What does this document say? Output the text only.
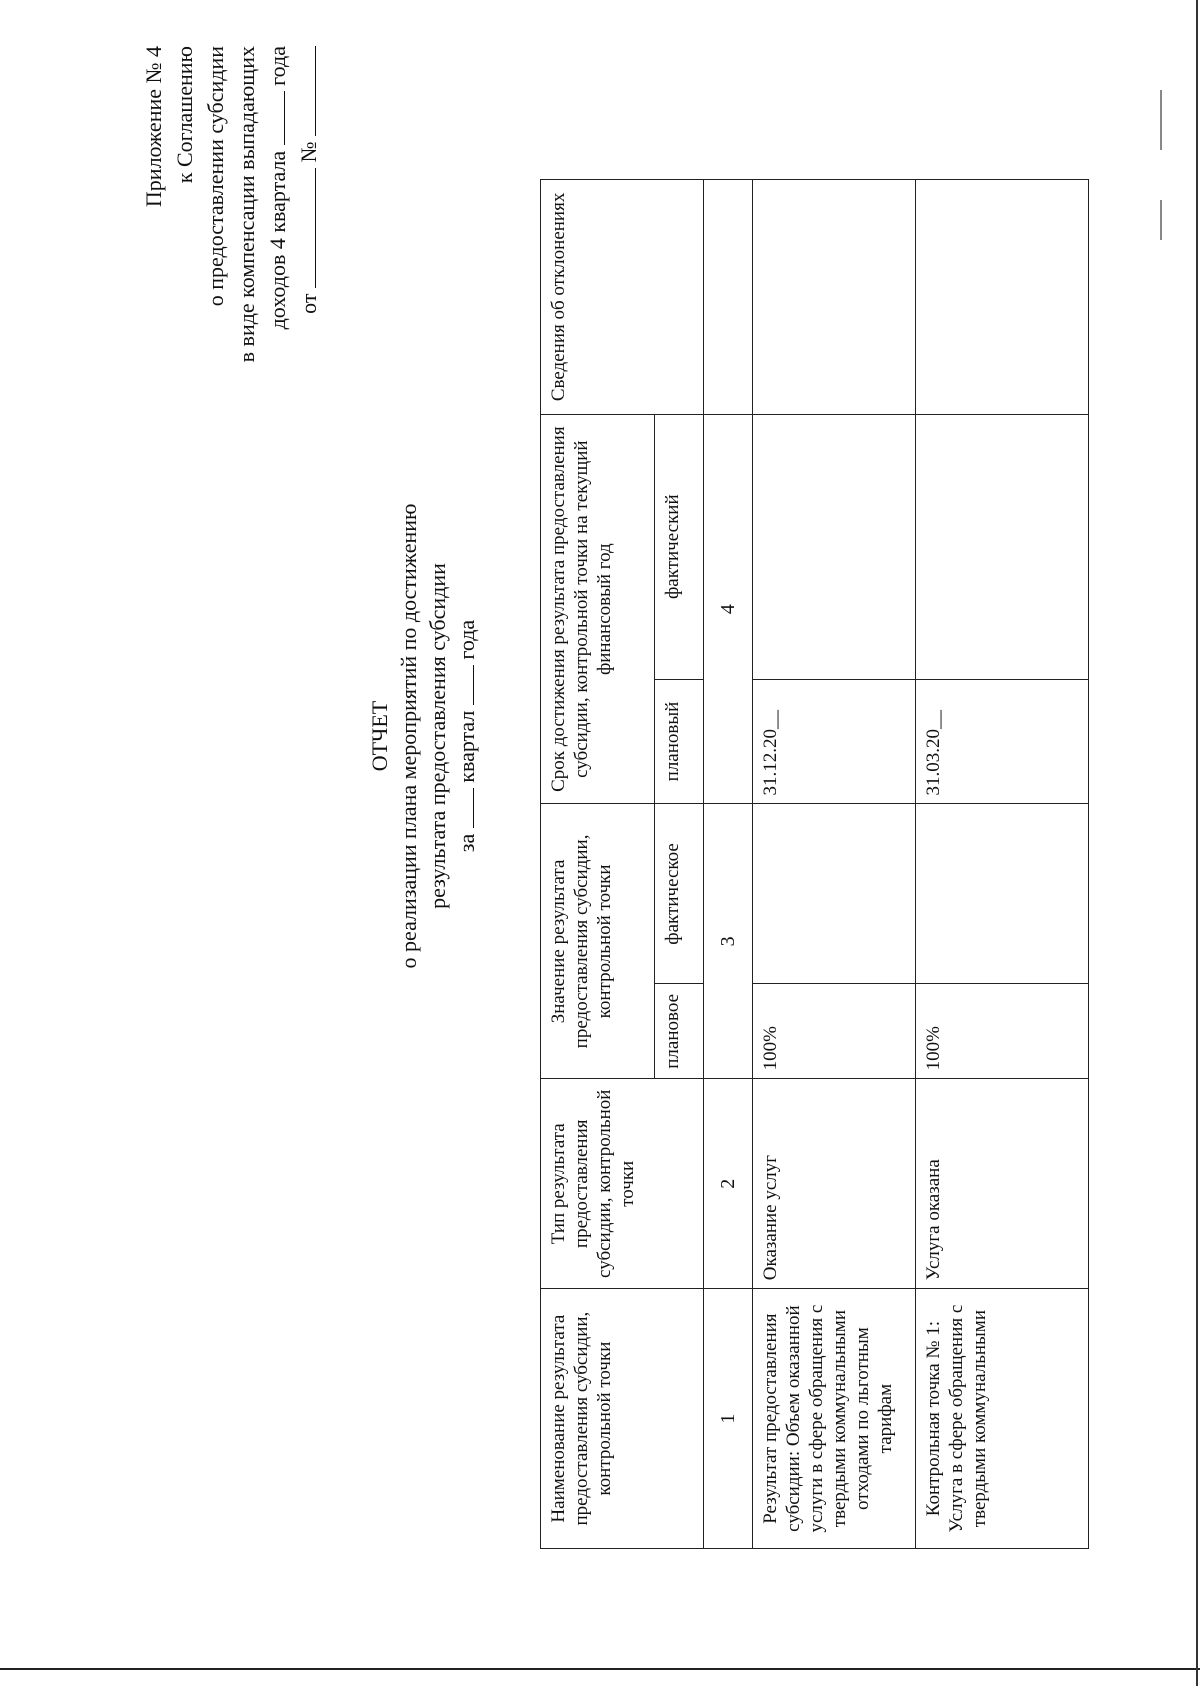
Приложение № 4 к Соглашению о предоставлении субсидии в виде компенсации выпадающих доходов 4 квартала  года
от  №
ОТЧЕТ о реализации плана мероприятий по достижению результата предоставления субсидии за  квартал  года
Наименование результата предоставления субсидии, контрольной точки	Тип результата предоставления субсидии, контрольной точки	Значение результата предоставления субсидии, контрольной точки		Срок достижения результата предоставления субсидии, контрольной точки на текущий финансовый год		Сведения об отклонениях
		плановое	фактическое	плановый	фактический	
1	2	3		4		
Результат предоставления субсидии: Объем оказанной услуги в сфере обращения с твердыми коммунальными отходами по льготным тарифам	Оказание услуг	100%		31.12.20__		
Контрольная точка № 1: Услуга в сфере обращения с твердыми коммунальными	Услуга оказана	100%		31.03.20__		
